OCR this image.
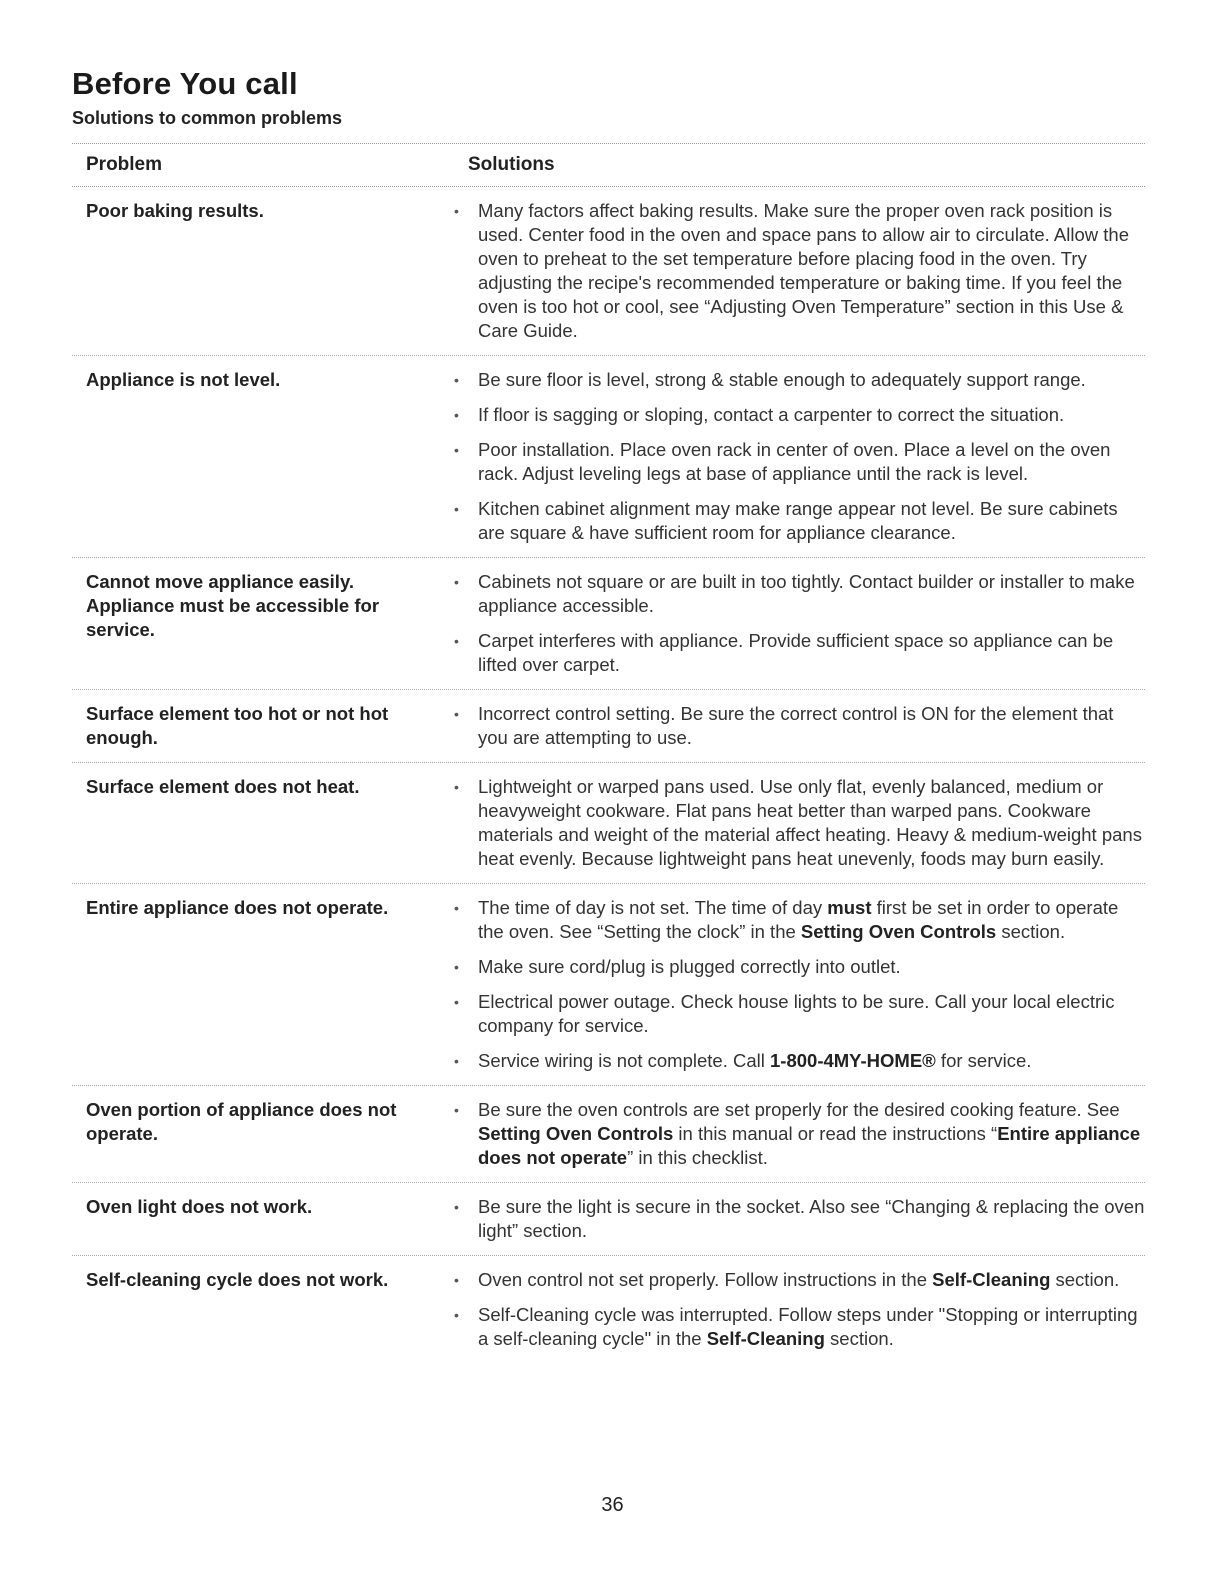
Before You call
Solutions to common problems
Problem	Solutions
Poor baking results.	•	Many factors affect baking results. Make sure the proper oven rack position is used. Center food in the oven and space pans to allow air to circulate. Allow the oven to preheat to the set temperature before placing food in the oven. Try adjusting the recipe's recommended temperature or baking time. If you feel the oven is too hot or cool, see “Adjusting Oven Temperature” section in this Use & Care Guide.
Appliance is not level.	•	Be sure floor is level, strong & stable enough to adequately support range.
•	If floor is sagging or sloping, contact a carpenter to correct the situation.
•	Poor installation. Place oven rack in center of oven. Place a level on the oven rack. Adjust leveling legs at base of appliance until the rack is level.
•	Kitchen cabinet alignment may make range appear not level. Be sure cabinets are square & have sufficient room for appliance clearance.
Cannot move appliance easily. Appliance must be accessible for service.
•	Cabinets not square or are built in too tightly. Contact builder or installer to make appliance accessible.
•	Carpet interferes with appliance. Provide sufficient space so appliance can be lifted over carpet.
Surface element too hot or not hot enough.
•	Incorrect control setting. Be sure the correct control is ON for the element that you are attempting to use.
Surface element does not heat.	•	Lightweight or warped pans used. Use only flat, evenly balanced, medium or heavyweight cookware. Flat pans heat better than warped pans. Cookware materials and weight of the material affect heating. Heavy & medium-weight pans heat evenly. Because lightweight pans heat unevenly, foods may burn easily.
Entire appliance does not operate.	•	The time of day is not set. The time of day must first be set in order to operate the oven. See “Setting the clock” in the Setting Oven Controls section.
•	Make sure cord/plug is plugged correctly into outlet.
•	Electrical power outage. Check house lights to be sure. Call your local electric company for service.
•	Service wiring is not complete. Call 1-800-4MY-HOME® for service.
Oven portion of appliance does not operate.
•	Be sure the oven controls are set properly for the desired cooking feature. See Setting Oven Controls in this manual or read the instructions “Entire appliance does not operate” in this checklist.
Oven light does not work.	•	Be sure the light is secure in the socket. Also see “Changing & replacing the oven light” section.
Self-cleaning cycle does not work.	•	Oven control not set properly. Follow instructions in the Self-Cleaning section.
•	Self-Cleaning cycle was interrupted. Follow steps under "Stopping or interrupting a self-cleaning cycle" in the Self-Cleaning section.
36
